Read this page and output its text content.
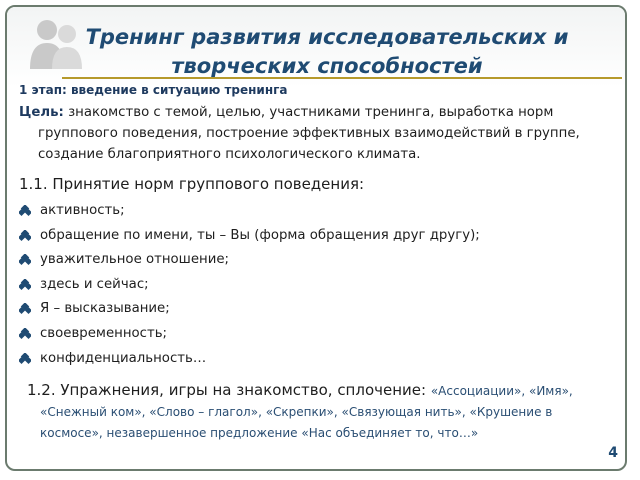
Тренинг развития исследовательских и творческих способностей
1 этап: введение в ситуацию тренинга
Цель: знакомство с темой, целью, участниками тренинга, выработка норм группового поведения, построение эффективных взаимодействий в группе, создание благоприятного психологического климата.
1.1. Принятие норм группового поведения:
активность;
обращение по имени, ты – Вы (форма обращения друг другу);
уважительное отношение;
здесь и сейчас;
Я – высказывание;
своевременность;
конфиденциальность…
1.2. Упражнения, игры на знакомство, сплочение: «Ассоциации», «Имя», «Снежный ком», «Слово – глагол», «Скрепки», «Связующая нить», «Крушение в космосе», незавершенное предложение «Нас объединяет то, что…»
4
